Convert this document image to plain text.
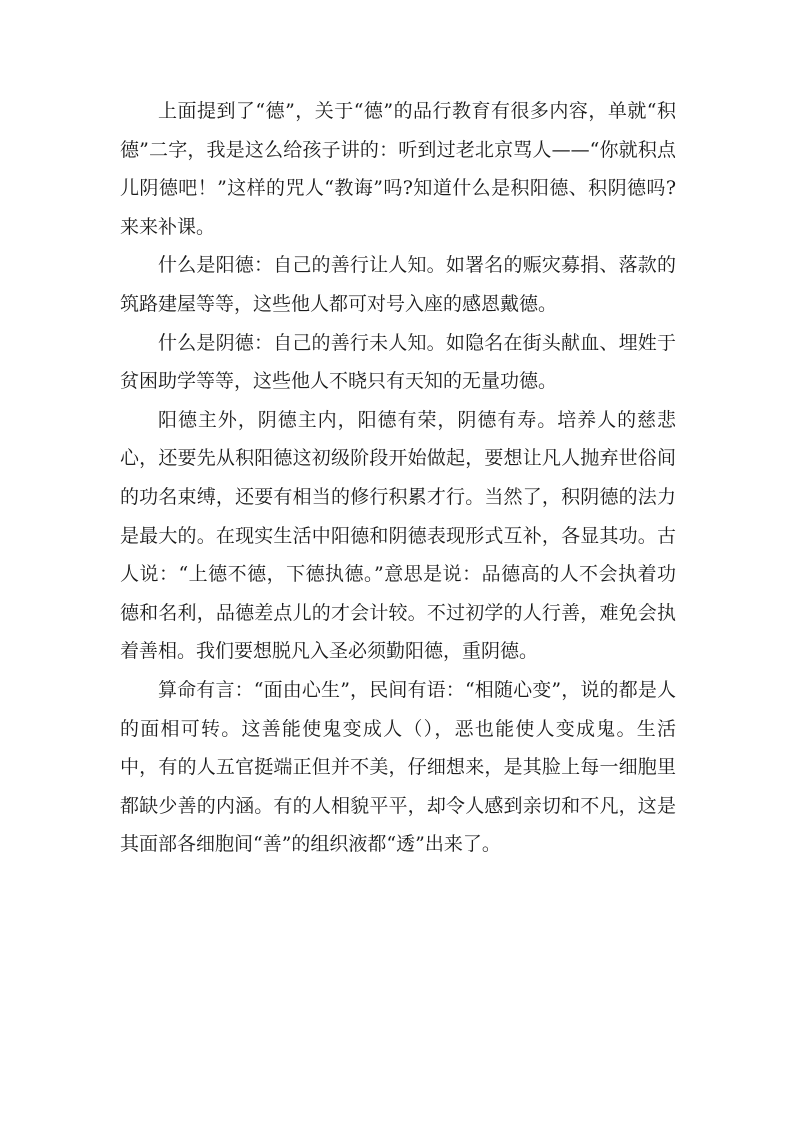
上面提到了“德”，关于“德”的品行教育有很多内容，单就“积德”二字，我是这么给孩子讲的：听到过老北京骂人——“你就积点儿阴德吧！”这样的咒人“教诲”吗?知道什么是积阳德、积阴德吗?来来补课。

什么是阳德：自己的善行让人知。如署名的赈灾募捐、落款的筑路建屋等等，这些他人都可对号入座的感恩戴德。

什么是阴德：自己的善行未人知。如隐名在街头献血、埋姓于贫困助学等等，这些他人不晓只有天知的无量功德。

阳德主外，阴德主内，阳德有荣，阴德有寿。培养人的慈悲心，还要先从积阳德这初级阶段开始做起，要想让凡人抛弃世俗间的功名束缚，还要有相当的修行积累才行。当然了，积阴德的法力是最大的。在现实生活中阳德和阴德表现形式互补，各显其功。古人说：“上德不德，下德执德。”意思是说：品德高的人不会执着功德和名利，品德差点儿的才会计较。不过初学的人行善，难免会执着善相。我们要想脱凡入圣必须勤阳德，重阴德。

算命有言：“面由心生”，民间有语：“相随心变”，说的都是人的面相可转。这善能使鬼变成人（），恶也能使人变成鬼。生活中，有的人五官挺端正但并不美，仔细想来，是其脸上每一细胞里都缺少善的内涵。有的人相貌平平，却令人感到亲切和不凡，这是其面部各细胞间“善”的组织液都“透”出来了。
